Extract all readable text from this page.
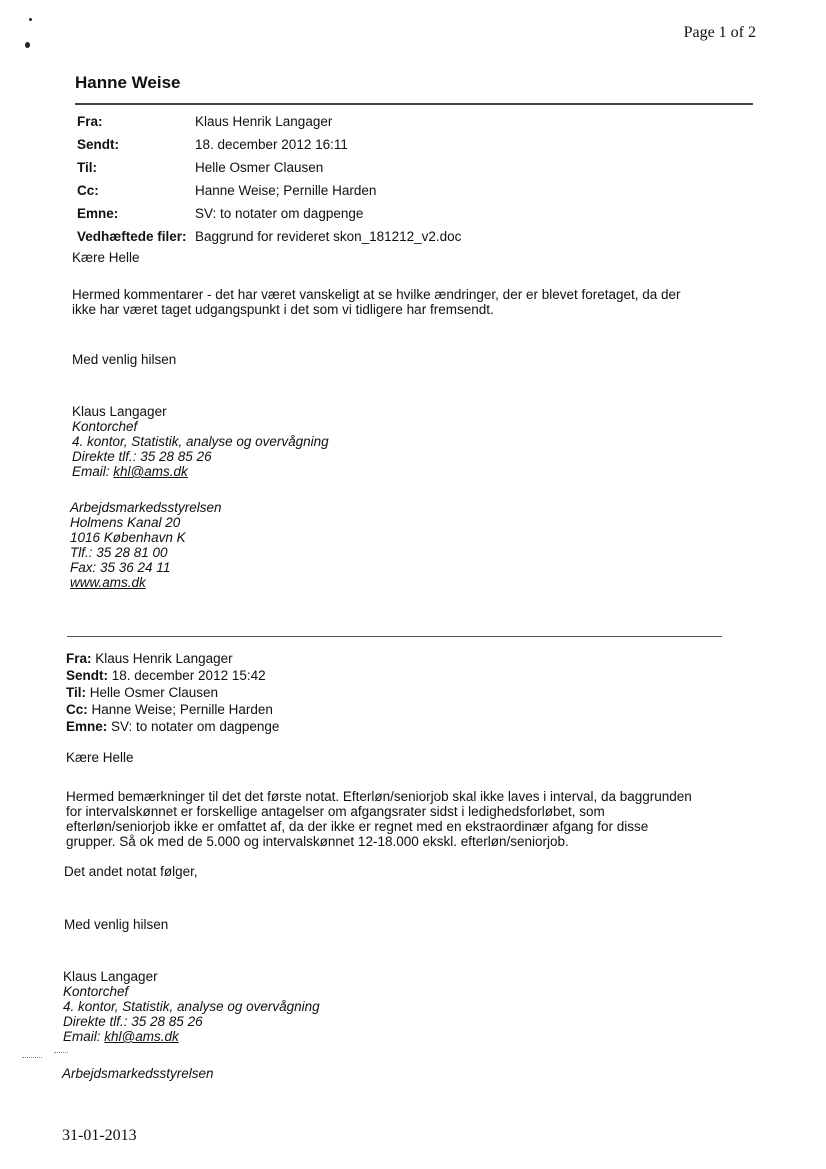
Page 1 of 2
Hanne Weise
Fra:	Klaus Henrik Langager
Sendt:	18. december 2012 16:11
Til:	Helle Osmer Clausen
Cc:	Hanne Weise; Pernille Harden
Emne:	SV: to notater om dagpenge
Vedhæftede filer: Baggrund for revideret skon_181212_v2.doc
Kære Helle
Hermed kommentarer - det har været vanskeligt at se hvilke ændringer, der er blevet foretaget, da der
ikke har været taget udgangspunkt i det som vi tidligere har fremsendt.
Med venlig hilsen
Klaus Langager
Kontorchef
4. kontor, Statistik, analyse og overvågning
Direkte tlf.: 35 28 85 26
Email: khl@ams.dk
Arbejdsmarkedsstyrelsen
Holmens Kanal 20
1016 København K
Tlf.: 35 28 81 00
Fax: 35 36 24 11
www.ams.dk
Fra: Klaus Henrik Langager
Sendt: 18. december 2012 15:42
Til: Helle Osmer Clausen
Cc: Hanne Weise; Pernille Harden
Emne: SV: to notater om dagpenge
Kære Helle
Hermed bemærkninger til det det første notat. Efterløn/seniorjob skal ikke laves i interval, da baggrunden
for intervalskønnet er forskellige antagelser om afgangsrater sidst i ledighedsforløbet, som
efterløn/seniorjob ikke er omfattet af, da der ikke er regnet med en ekstraordinær afgang for disse
grupper. Så ok med de 5.000 og intervalskønnet 12-18.000 ekskl. efterløn/seniorjob.
Det andet notat følger,
Med venlig hilsen
Klaus Langager
Kontorchef
4. kontor, Statistik, analyse og overvågning
Direkte tlf.: 35 28 85 26
Email: khl@ams.dk
Arbejdsmarkedsstyrelsen
31-01-2013
